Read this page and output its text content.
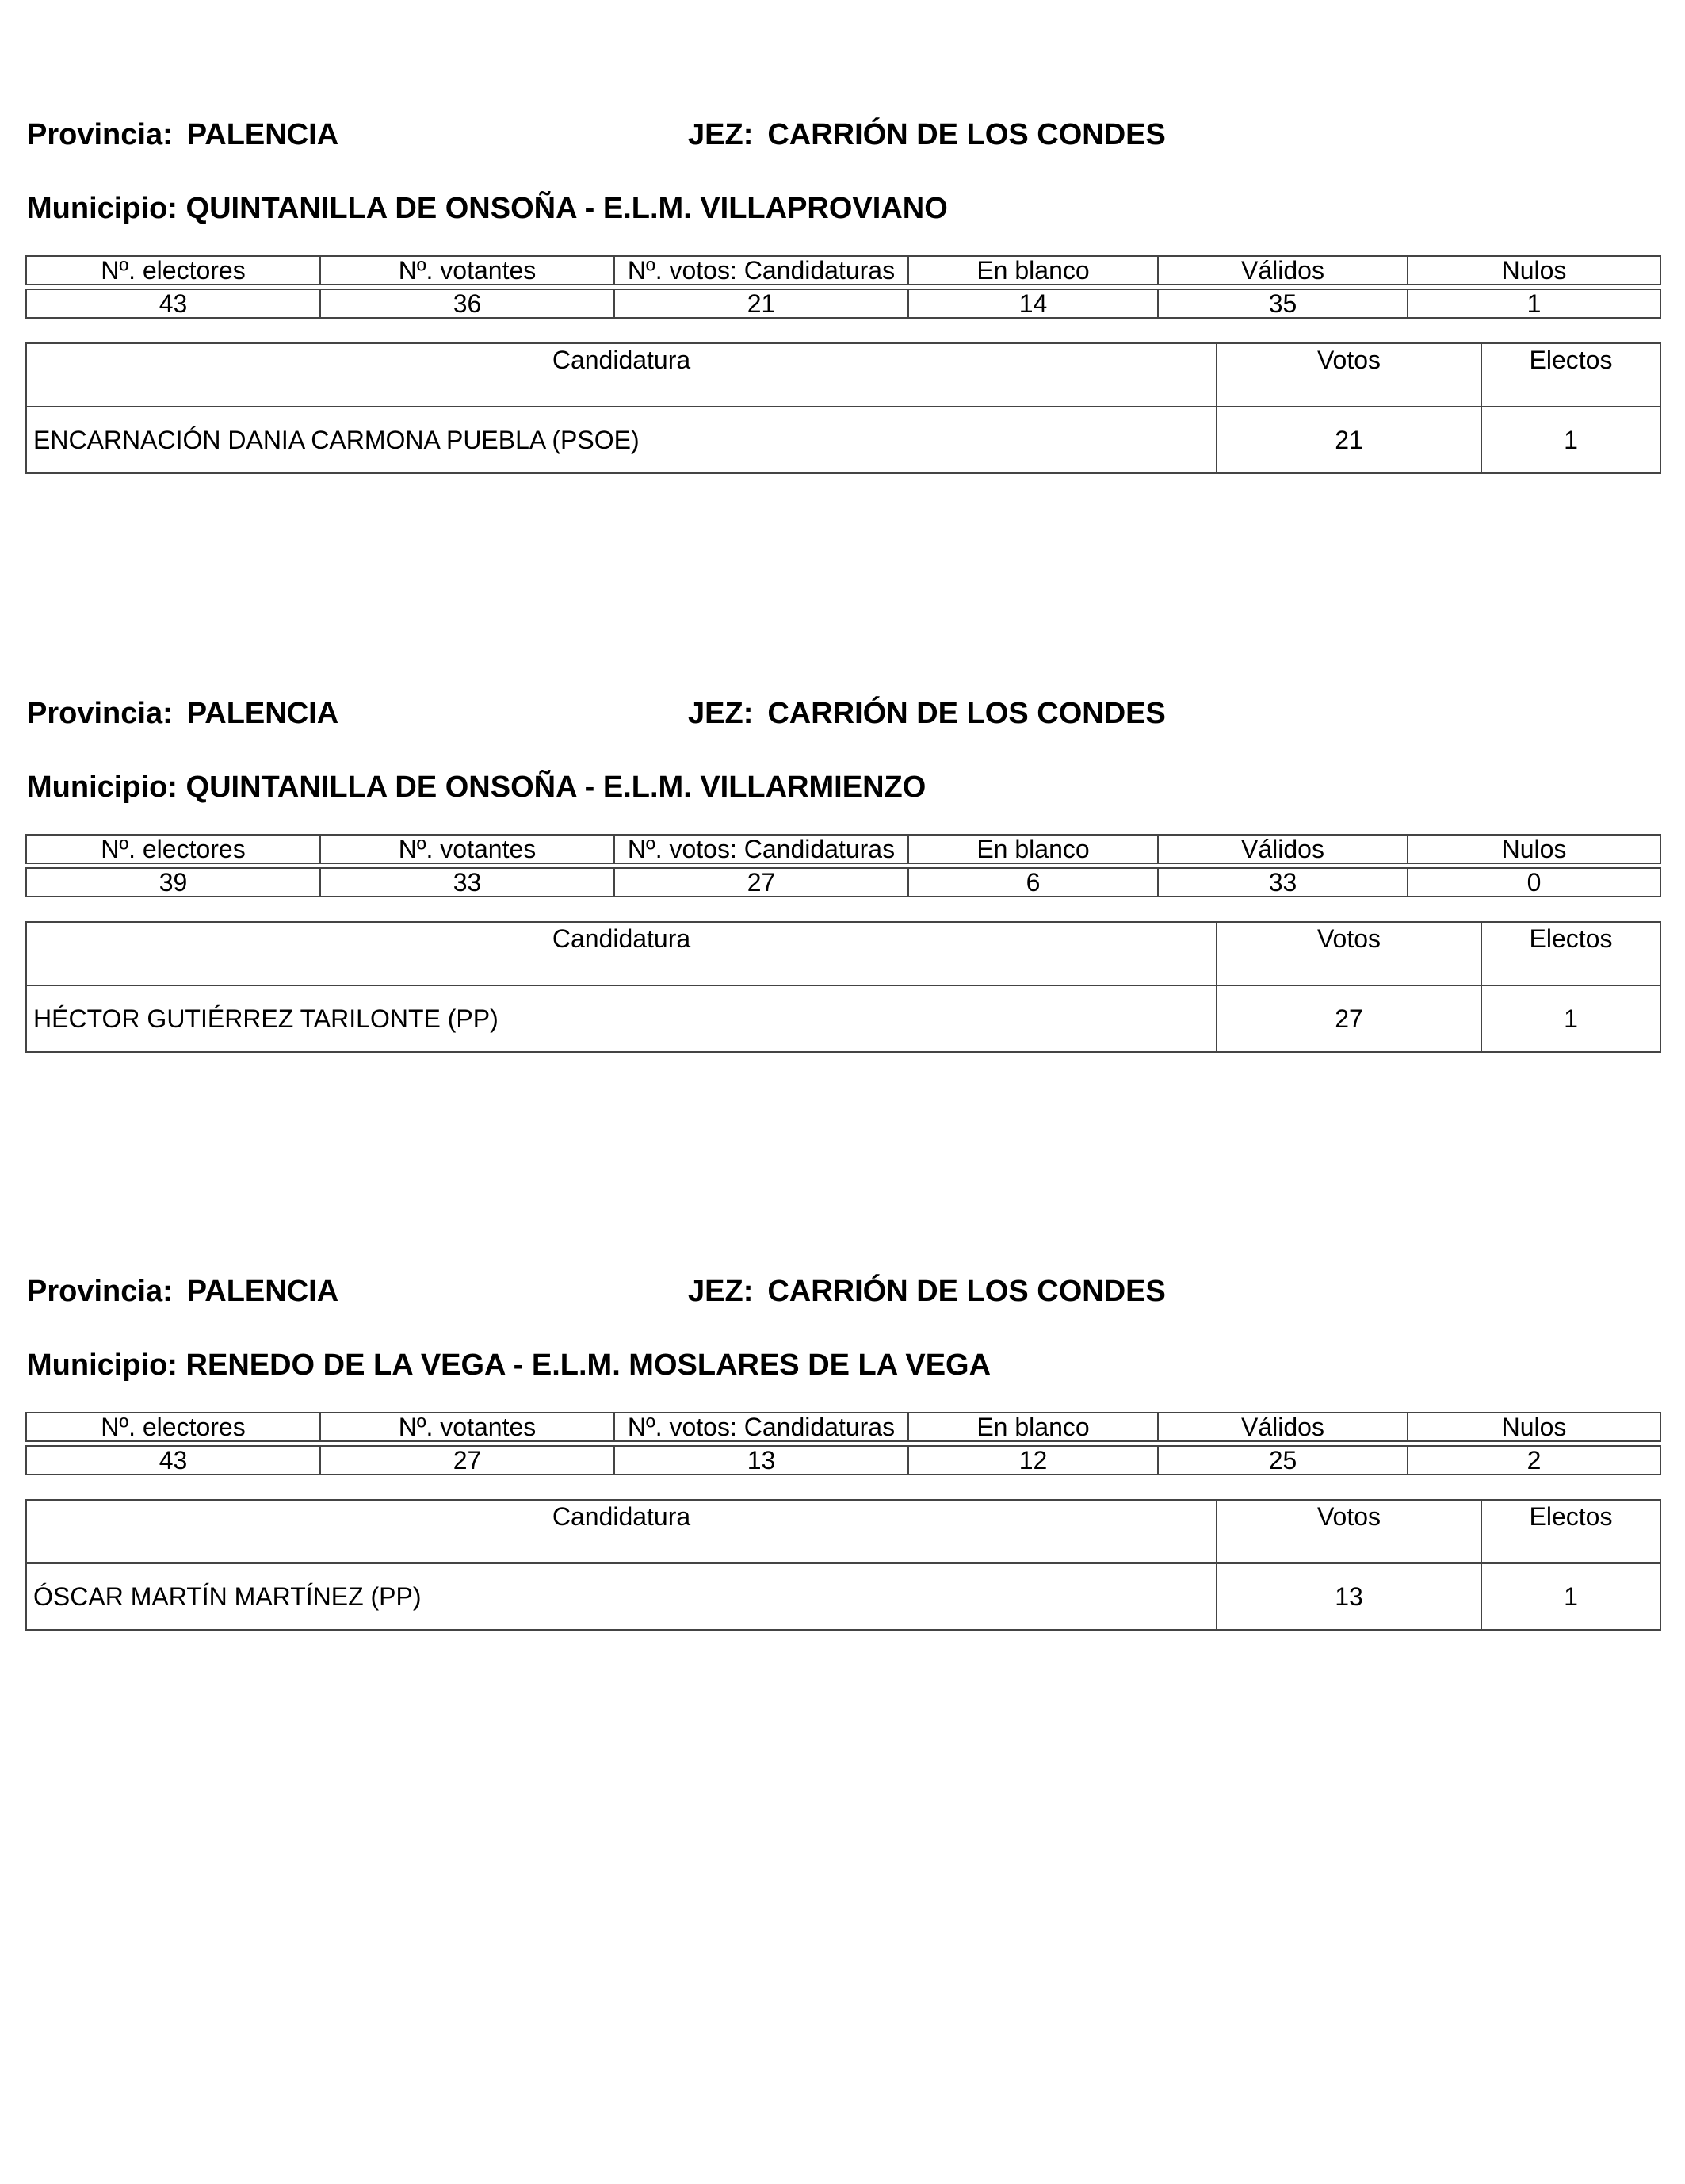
Provincia: PALENCIA	JEZ: CARRIÓN DE LOS CONDES
Municipio: QUINTANILLA DE ONSOÑA - E.L.M. VILLAPROVIANO
Nº. electores	Nº. votantes	Nº. votos: Candidaturas	En blanco	Válidos	Nulos

43	36	21	14	35	1
Candidatura	Votos	Electos
ENCARNACIÓN DANIA CARMONA PUEBLA (PSOE)	21	1
Provincia: PALENCIA	JEZ: CARRIÓN DE LOS CONDES
Municipio: QUINTANILLA DE ONSOÑA - E.L.M. VILLARMIENZO
Nº. electores	Nº. votantes	Nº. votos: Candidaturas	En blanco	Válidos	Nulos

39	33	27	6	33	0
Candidatura	Votos	Electos
HÉCTOR GUTIÉRREZ TARILONTE (PP)	27	1
Provincia: PALENCIA	JEZ: CARRIÓN DE LOS CONDES
Municipio: RENEDO DE LA VEGA - E.L.M. MOSLARES DE LA VEGA
Nº. electores	Nº. votantes	Nº. votos: Candidaturas	En blanco	Válidos	Nulos

43	27	13	12	25	2
Candidatura	Votos	Electos
ÓSCAR MARTÍN MARTÍNEZ (PP)	13	1
